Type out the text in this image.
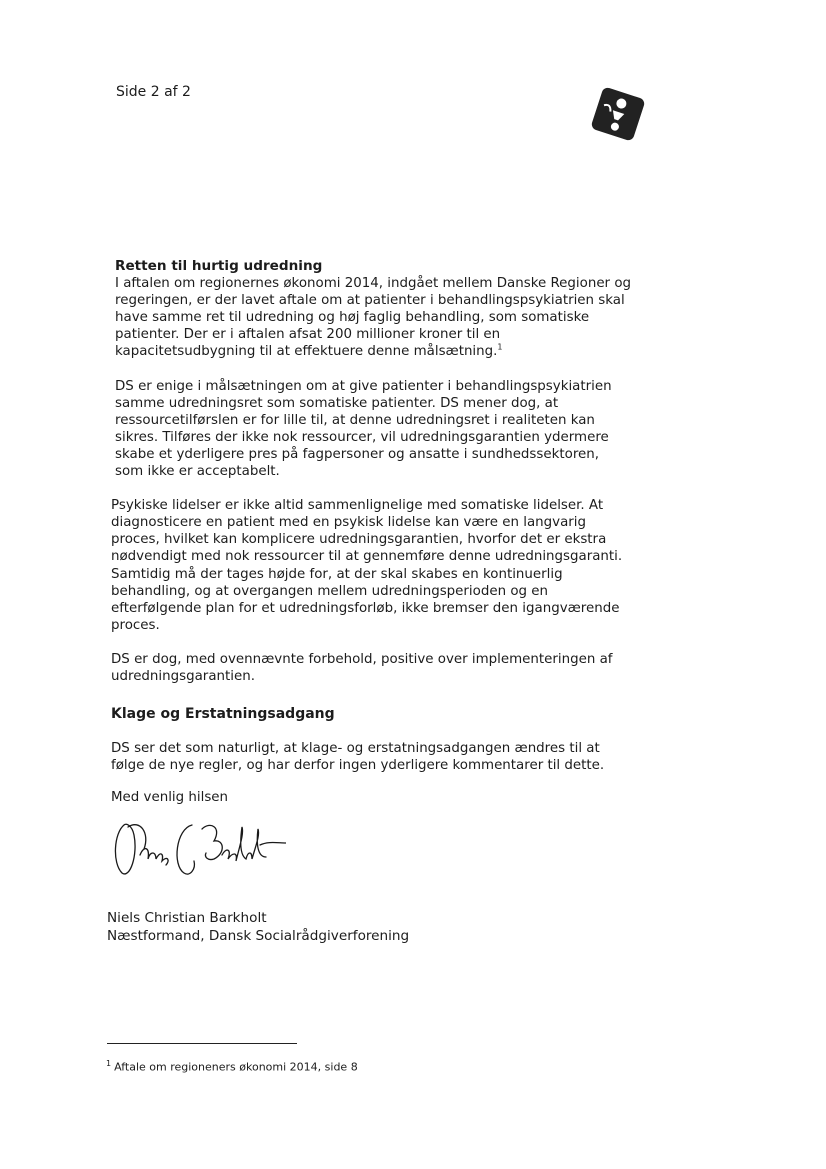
Side 2 af 2
Retten til hurtig udredning

I aftalen om regionernes økonomi 2014, indgået mellem Danske Regioner og regeringen, er der lavet aftale om at patienter i behandlingspsykiatrien skal have samme ret til udredning og høj faglig behandling, som somatiske patienter. Der er i aftalen afsat 200 millioner kroner til en kapacitetsudbygning til at effektuere denne målsætning.$^1$

DS er enige i målsætningen om at give patienter i behandlingspsykiatrien samme udredningsret som somatiske patienter. DS mener dog, at ressourcetilførslen er for lille til, at denne udredningsret i realiteten kan sikres. Tilføres der ikke nok ressourcer, vil udredningsgarantien ydermere skabe et yderligere pres på fagpersoner og ansatte i sundhedssektoren, som ikke er acceptabelt.

Psykiske lidelser er ikke altid sammenlignelige med somatiske lidelser. At diagnosticere en patient med en psykisk lidelse kan være en langvarig proces, hvilket kan komplicere udredningsgarantien, hvorfor det er ekstra nødvendigt med nok ressourcer til at gennemføre denne udredningsgaranti. Samtidig må der tages højde for, at der skal skabes en kontinuerlig behandling, og at overgangen mellem udredningsperioden og en efterfølgende plan for et udredningsforløb, ikke bremser den igangværende proces.

DS er dog, med ovennævnte forbehold, positive over implementeringen af udredningsgarantien.

Klage og Erstatningsadgang

DS ser det som naturligt, at klage- og erstatningsadgangen ændres til at følge de nye regler, og har derfor ingen yderligere kommentarer til dette.

Med venlig hilsen

Niels Christian Barkholt
Næstformand, Dansk Socialrådgiverforening
$^1$ Aftale om regioneners økonomi 2014, side 8
